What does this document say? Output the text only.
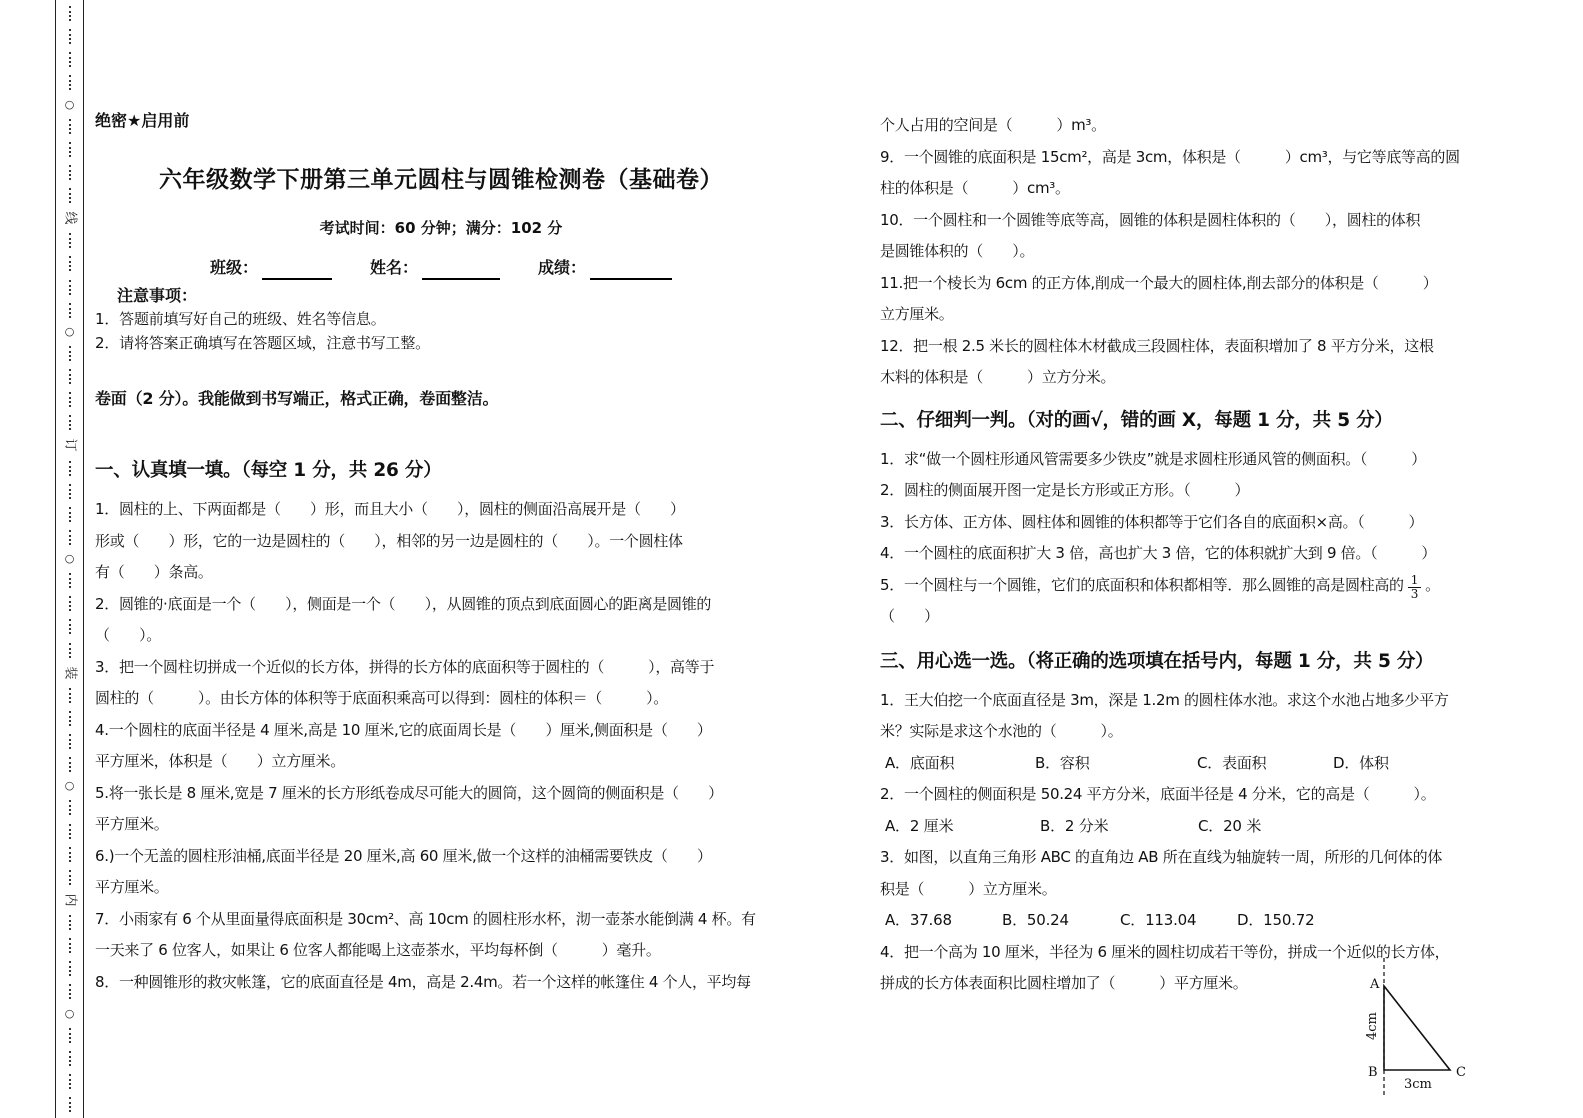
○
线
○
订
○
装
○
内
○
绝密★启用前
六年级数学下册第三单元圆柱与圆锥检测卷（基础卷）
考试时间：60 分钟；满分：102 分
班级：	姓名：	成绩：
注意事项：
1．答题前填写好自己的班级、姓名等信息。
2．请将答案正确填写在答题区域，注意书写工整。
卷面（2 分）。我能做到书写端正，格式正确，卷面整洁。
一、认真填一填。（每空 1 分，共 26 分）
1．圆柱的上、下两面都是（　　）形，而且大小（　　），圆柱的侧面沿高展开是（　　）
形或（　　）形，它的一边是圆柱的（　　），相邻的另一边是圆柱的（　　）。一个圆柱体
有（　　）条高。
2．圆锥的·底面是一个（　　），侧面是一个（　　），从圆锥的顶点到底面圆心的距离是圆锥的
（　　）。
3．把一个圆柱切拼成一个近似的长方体，拼得的长方体的底面积等于圆柱的（　　　），高等于
圆柱的（　　　）。由长方体的体积等于底面积乘高可以得到：圆柱的体积＝（　　　）。
4.一个圆柱的底面半径是 4 厘米,高是 10 厘米,它的底面周长是（　　）厘米,侧面积是（　　）
平方厘米，体积是（　　）立方厘米。
5.将一张长是 8 厘米,宽是 7 厘米的长方形纸卷成尽可能大的圆筒，这个圆筒的侧面积是（　　）
平方厘米。
6.)一个无盖的圆柱形油桶,底面半径是 20 厘米,高 60 厘米,做一个这样的油桶需要铁皮（　　）
平方厘米。
7．小雨家有 6 个从里面量得底面积是 30cm²、高 10cm 的圆柱形水杯，沏一壶茶水能倒满 4 杯。有
一天来了 6 位客人，如果让 6 位客人都能喝上这壶茶水，平均每杯倒（　　　）毫升。
8．一种圆锥形的救灾帐篷，它的底面直径是 4m，高是 2.4m。若一个这样的帐篷住 4 个人，平均每
个人占用的空间是（　　　）m³。
9．一个圆锥的底面积是 15cm²，高是 3cm，体积是（　　　）cm³，与它等底等高的圆
柱的体积是（　　　）cm³。
10．一个圆柱和一个圆锥等底等高，圆锥的体积是圆柱体积的（　　），圆柱的体积
是圆锥体积的（　　）。
11.把一个棱长为 6cm 的正方体,削成一个最大的圆柱体,削去部分的体积是（　　　）
立方厘米。
12．把一根 2.5 米长的圆柱体木材截成三段圆柱体，表面积增加了 8 平方分米，这根
木料的体积是（　　　）立方分米。
二、仔细判一判。（对的画√，错的画 X，每题 1 分，共 5 分）
1．求“做一个圆柱形通风管需要多少铁皮”就是求圆柱形通风管的侧面积。（　　　）
2．圆柱的侧面展开图一定是长方形或正方形。（　　　）
3．长方体、正方体、圆柱体和圆锥的体积都等于它们各自的底面积×高。（　　　）
4．一个圆柱的底面积扩大 3 倍，高也扩大 3 倍，它的体积就扩大到 9 倍。（　　　）
5．一个圆柱与一个圆锥，它们的底面积和体积都相等．那么圆锥的高是圆柱高的 $\frac{1}{3}$ 。
（　　）
三、用心选一选。（将正确的选项填在括号内，每题 1 分，共 5 分）
1．王大伯挖一个底面直径是 3m，深是 1.2m 的圆柱体水池。求这个水池占地多少平方
米？实际是求这个水池的（　　　）。
A．底面积	B．容积	C．表面积	D．体积
2．一个圆柱的侧面积是 50.24 平方分米，底面半径是 4 分米，它的高是（　　　）。
A．2 厘米	B．2 分米	C．20 米
3．如图，以直角三角形 ABC 的直角边 AB 所在直线为轴旋转一周，所形的几何体的体
积是（　　　）立方厘米。
A．37.68	B．50.24	C．113.04	D．150.72
4．把一个高为 10 厘米，半径为 6 厘米的圆柱切成若干等份，拼成一个近似的长方体，
拼成的长方体表面积比圆柱增加了（　　　）平方厘米。	A
B	C
4cm
3cm
